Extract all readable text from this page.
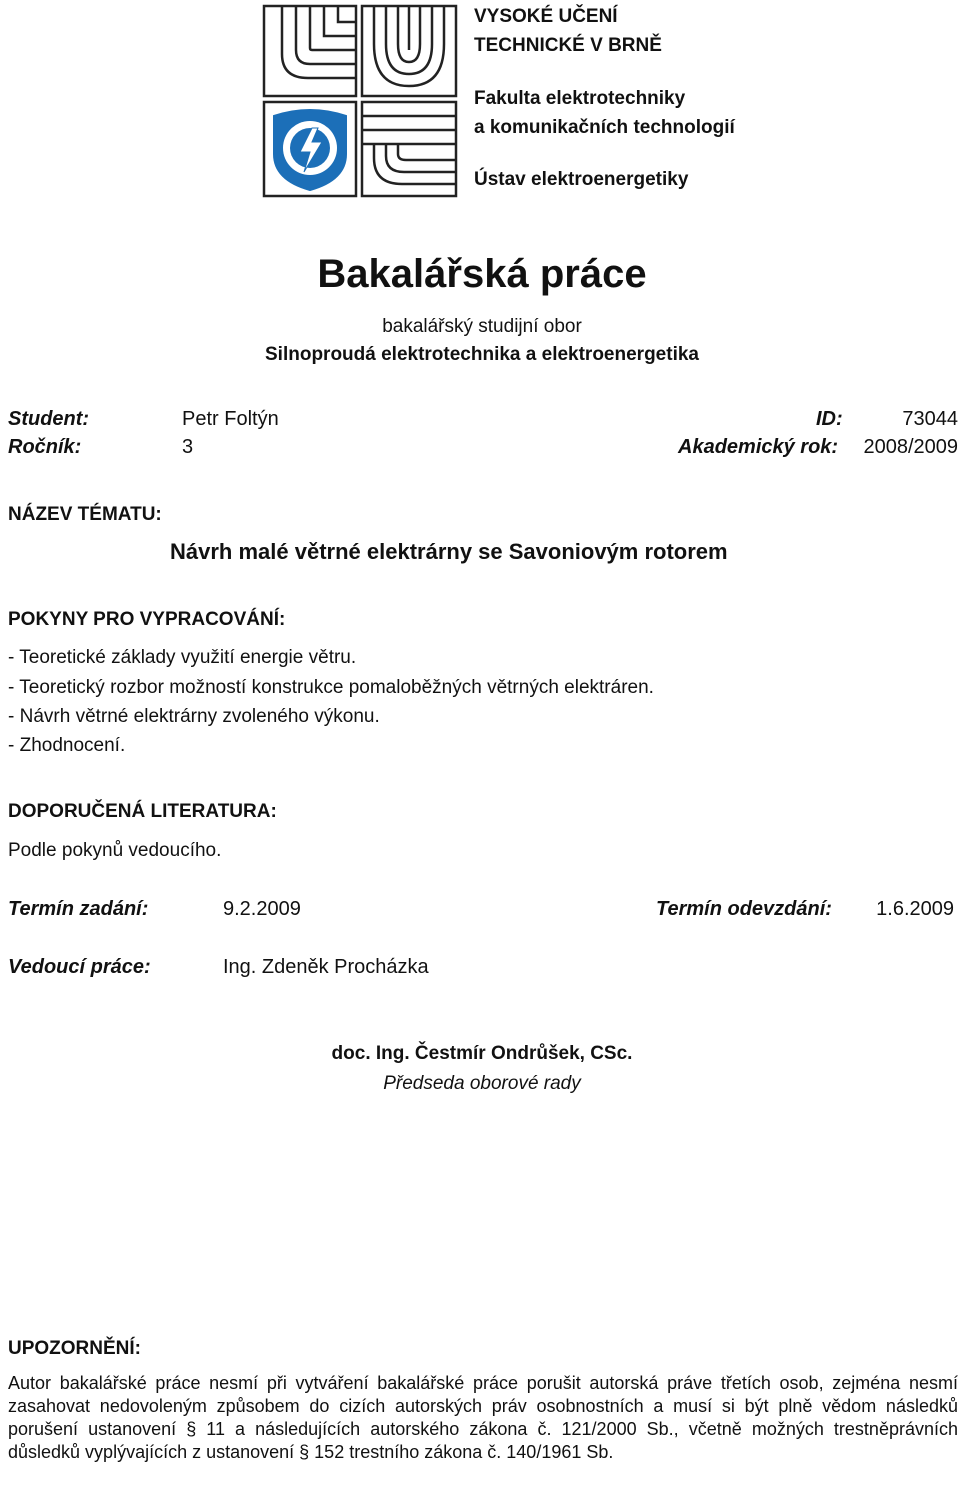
VYSOKÉ UČENÍ
TECHNICKÉ V BRNĚ
Fakulta elektrotechniky
a komunikačních technologií
Ústav elektroenergetiky
Bakalářská práce
bakalářský studijní obor
Silnoproudá elektrotechnika a elektroenergetika
Student:	Petr Foltýn	ID:	73044
Ročník:	3	Akademický rok: 2008/2009
NÁZEV TÉMATU:
Návrh malé větrné elektrárny se Savoniovým rotorem
POKYNY PRO VYPRACOVÁNÍ:
- Teoretické základy využití energie větru.
- Teoretický rozbor možností konstrukce pomaloběžných větrných elektráren.
- Návrh větrné elektrárny zvoleného výkonu.
- Zhodnocení.
DOPORUČENÁ LITERATURA:
Podle pokynů vedoucího.
Termín zadání:	9.2.2009	Termín odevzdání: 1.6.2009
Vedoucí práce:	Ing. Zdeněk Procházka
doc. Ing. Čestmír Ondrůšek, CSc.
Předseda oborové rady
UPOZORNĚNÍ:
Autor bakalářské práce nesmí při vytváření bakalářské práce porušit autorská práve třetích osob, zejména nesmí zasahovat nedovoleným způsobem do cizích autorských práv osobnostních a musí si být plně vědom následků porušení ustanovení § 11 a následujících autorského zákona č. 121/2000 Sb., včetně možných trestněprávních důsledků vyplývajících z ustanovení § 152 trestního zákona č. 140/1961 Sb.
